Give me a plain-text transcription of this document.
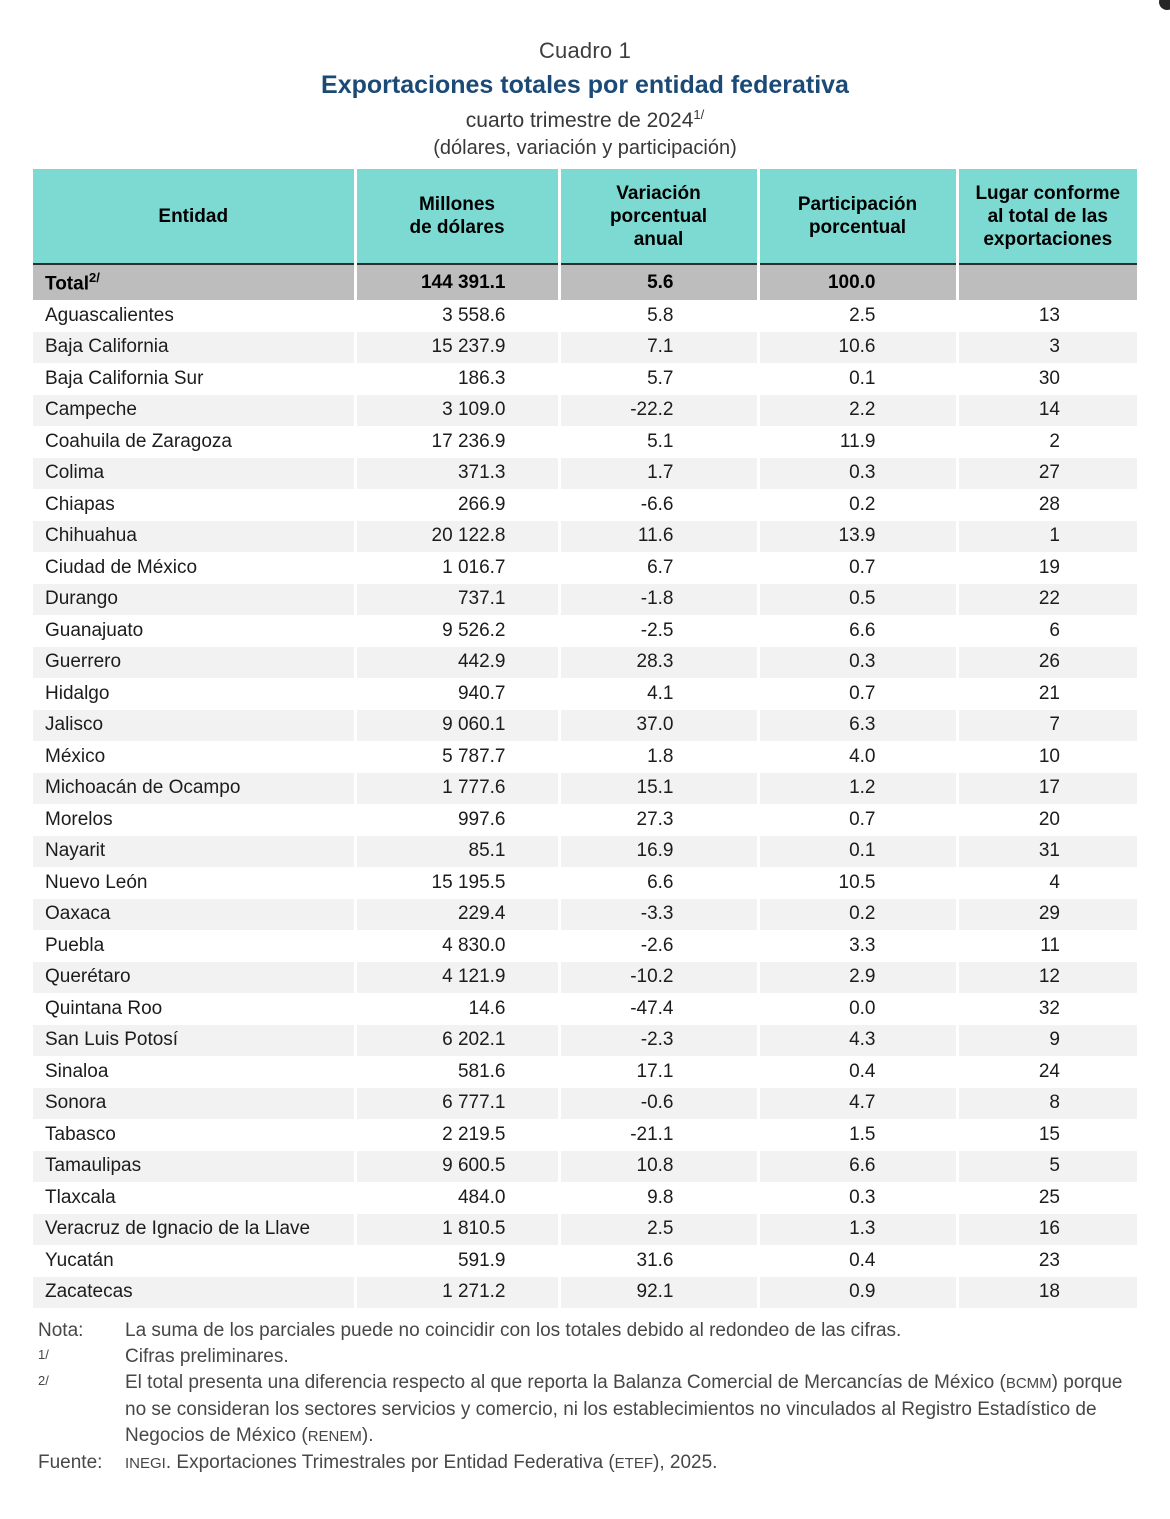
Cuadro 1
Exportaciones totales por entidad federativa
cuarto trimestre de $2024^{1/}$
(dólares, variación y participación)
Entidad

Millones
de dólares

Variación
porcentual
anual

Participación
porcentual

Lugar conforme
al total de las
exportaciones

Total$^{2/}$	144 391.1	5.6	100.0	
Aguascalientes	3 558.6	5.8	2.5	13
Baja California	15 237.9	7.1	10.6	3
Baja California Sur	186.3	5.7	0.1	30
Campeche	3 109.0	-22.2	2.2	14
Coahuila de Zaragoza	17 236.9	5.1	11.9	2
Colima	371.3	1.7	0.3	27
Chiapas	266.9	-6.6	0.2	28
Chihuahua	20 122.8	11.6	13.9	1
Ciudad de México	1 016.7	6.7	0.7	19
Durango	737.1	-1.8	0.5	22
Guanajuato	9 526.2	-2.5	6.6	6
Guerrero	442.9	28.3	0.3	26
Hidalgo	940.7	4.1	0.7	21
Jalisco	9 060.1	37.0	6.3	7
México	5 787.7	1.8	4.0	10
Michoacán de Ocampo	1 777.6	15.1	1.2	17
Morelos	997.6	27.3	0.7	20
Nayarit	85.1	16.9	0.1	31
Nuevo León	15 195.5	6.6	10.5	4
Oaxaca	229.4	-3.3	0.2	29
Puebla	4 830.0	-2.6	3.3	11
Querétaro	4 121.9	-10.2	2.9	12
Quintana Roo	14.6	-47.4	0.0	32
San Luis Potosí	6 202.1	-2.3	4.3	9
Sinaloa	581.6	17.1	0.4	24
Sonora	6 777.1	-0.6	4.7	8
Tabasco	2 219.5	-21.1	1.5	15
Tamaulipas	9 600.5	10.8	6.6	5
Tlaxcala	484.0	9.8	0.3	25
Veracruz de Ignacio de la Llave	1 810.5	2.5	1.3	16
Yucatán	591.9	31.6	0.4	23
Zacatecas	1 271.2	92.1	0.9	18
Nota:	La suma de los parciales puede no coincidir con los totales debido al redondeo de las cifras.
1/	Cifras preliminares.
2/	El total presenta una diferencia respecto al que reporta la Balanza Comercial de Mercancías de México (BCMM) porque no se consideran los sectores servicios y comercio, ni los establecimientos no vinculados al Registro Estadístico de Negocios de México (RENEM).
Fuente:	INEGI. Exportaciones Trimestrales por Entidad Federativa (ETEF), 2025.
